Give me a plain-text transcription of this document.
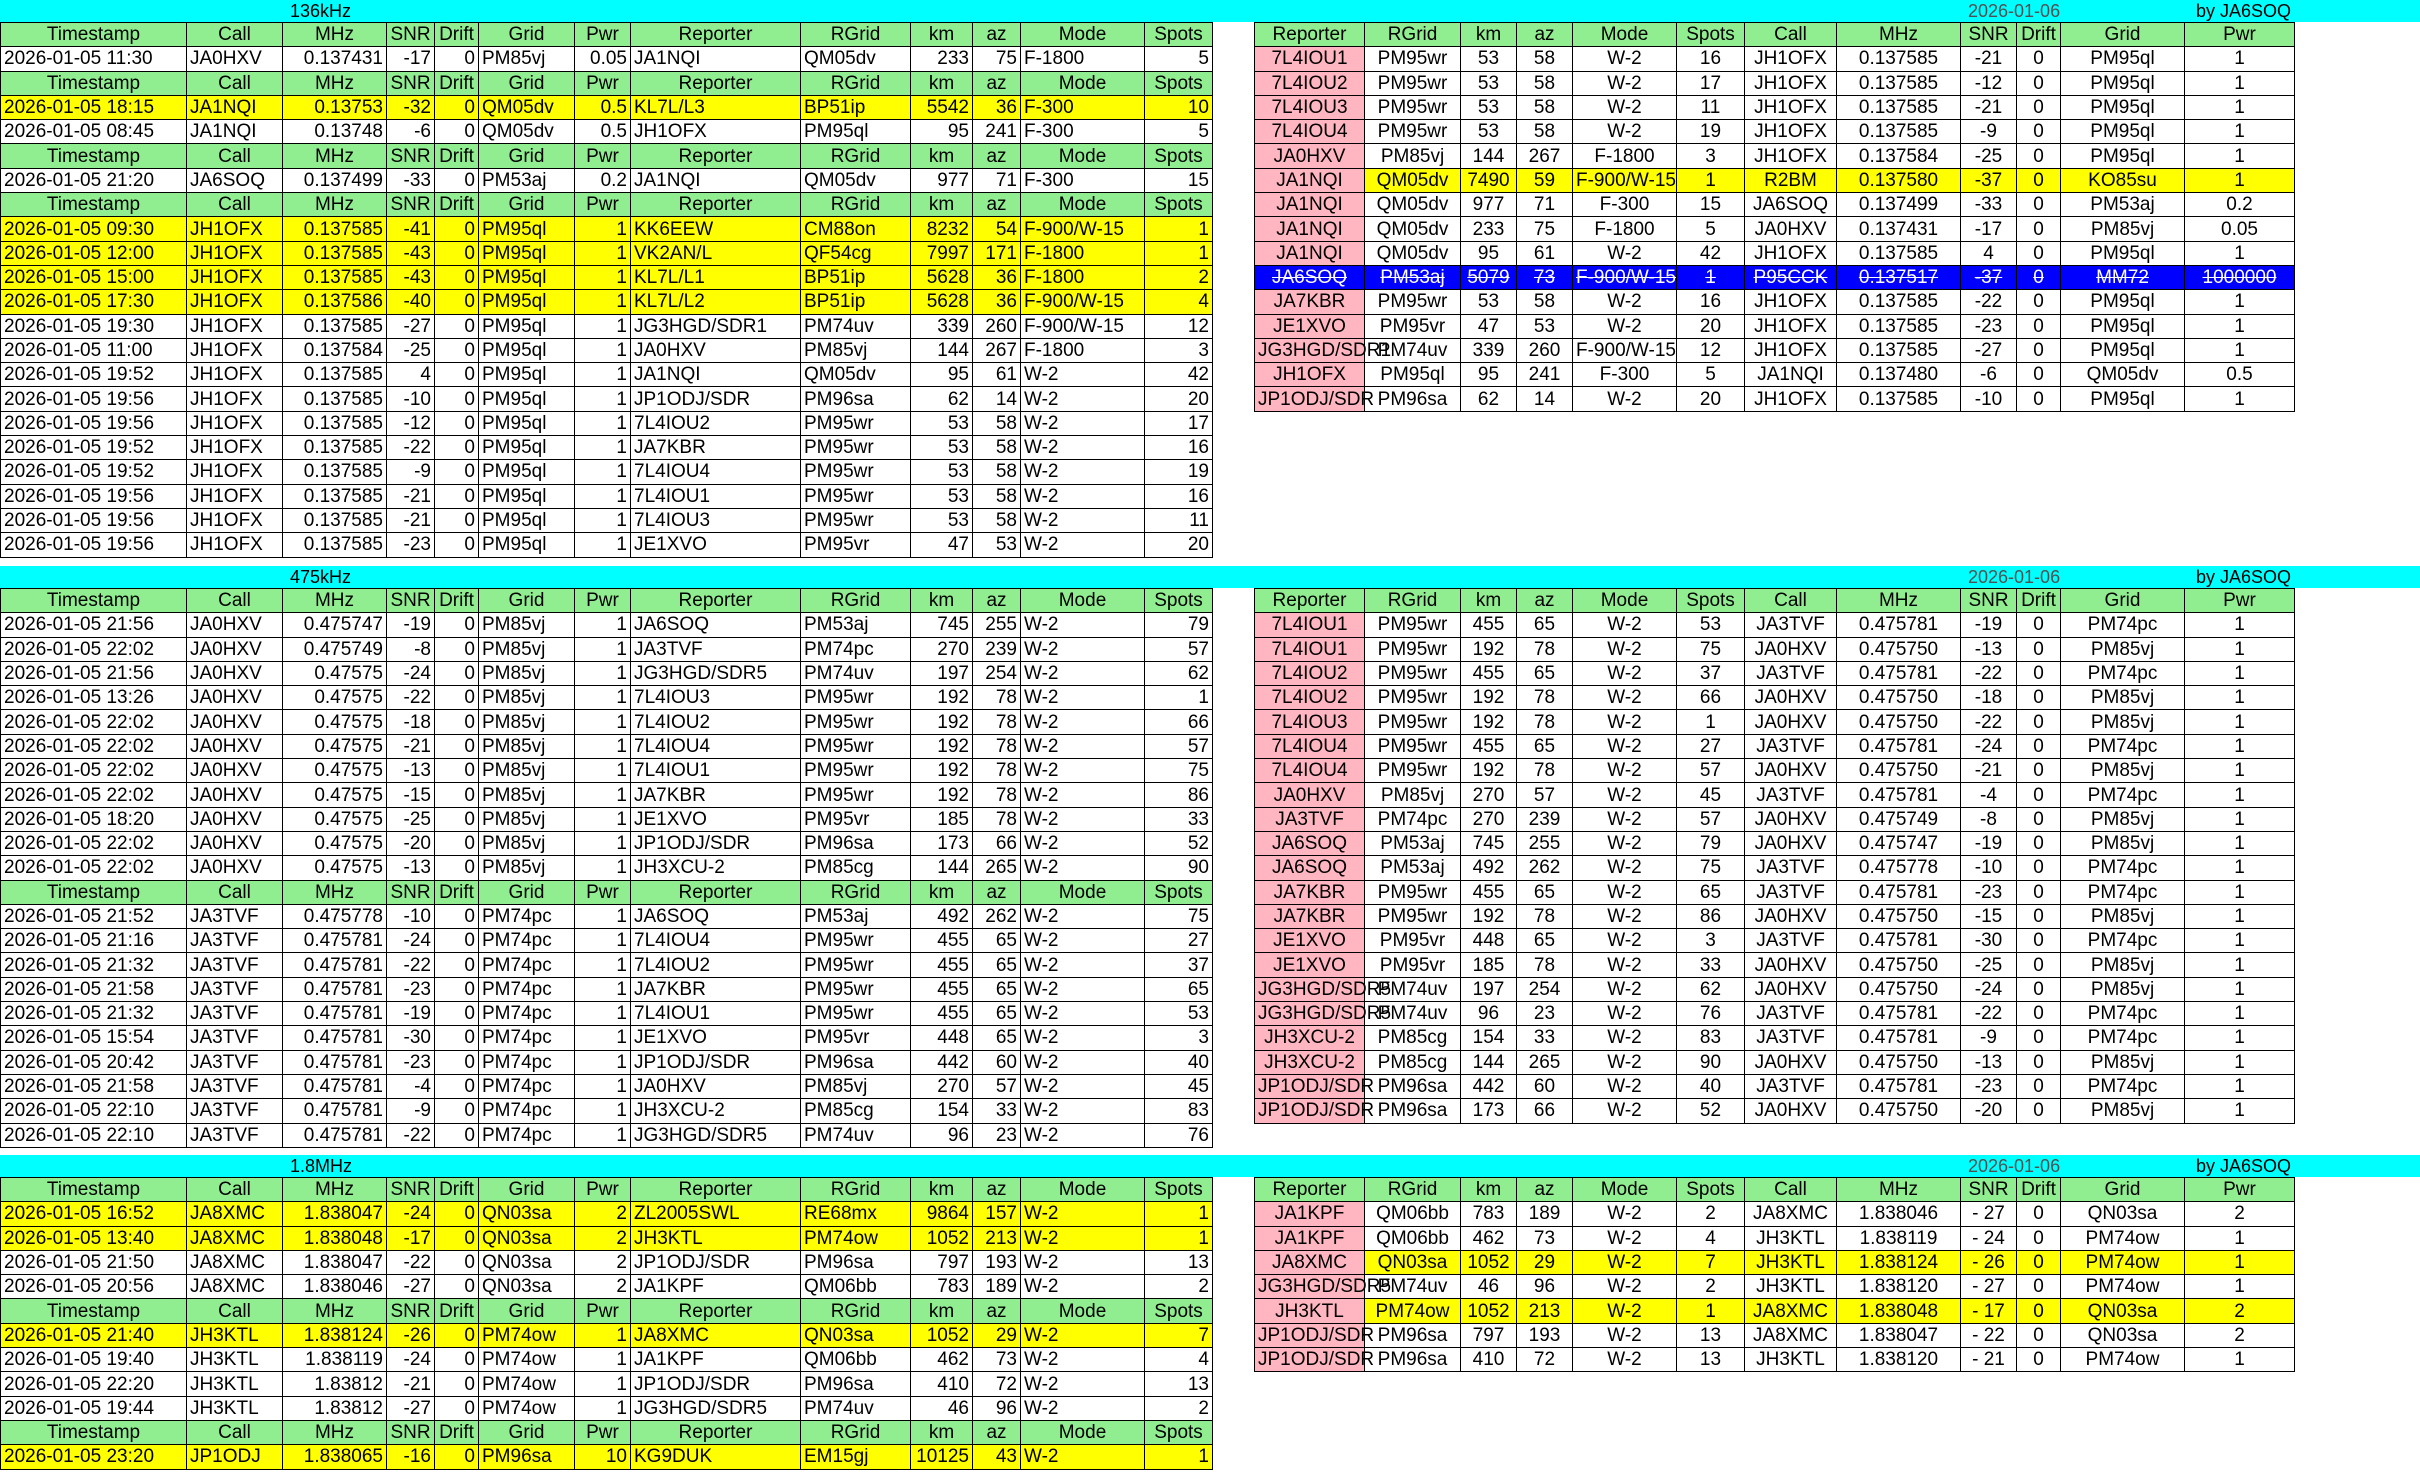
136kHz	2026-01-06	by JA6SOQ
Timestamp	Call	MHz	SNR	Drift	Grid	Pwr	Reporter	RGrid	km	az	Mode	Spots
2026-01-05 11:30	JA0HXV	0.137431	-17	0	PM85vj	0.05	JA1NQI	QM05dv	233	75	F-1800	5
Timestamp	Call	MHz	SNR	Drift	Grid	Pwr	Reporter	RGrid	km	az	Mode	Spots
2026-01-05 18:15	JA1NQI	0.13753	-32	0	QM05dv	0.5	KL7L/L3	BP51ip	5542	36	F-300	10
2026-01-05 08:45	JA1NQI	0.13748	-6	0	QM05dv	0.5	JH1OFX	PM95ql	95	241	F-300	5
Timestamp	Call	MHz	SNR	Drift	Grid	Pwr	Reporter	RGrid	km	az	Mode	Spots
2026-01-05 21:20	JA6SOQ	0.137499	-33	0	PM53aj	0.2	JA1NQI	QM05dv	977	71	F-300	15
Timestamp	Call	MHz	SNR	Drift	Grid	Pwr	Reporter	RGrid	km	az	Mode	Spots
2026-01-05 09:30	JH1OFX	0.137585	-41	0	PM95ql	1	KK6EEW	CM88on	8232	54	F-900/W-15	1
2026-01-05 12:00	JH1OFX	0.137585	-43	0	PM95ql	1	VK2AN/L	QF54cg	7997	171	F-1800	1
2026-01-05 15:00	JH1OFX	0.137585	-43	0	PM95ql	1	KL7L/L1	BP51ip	5628	36	F-1800	2
2026-01-05 17:30	JH1OFX	0.137586	-40	0	PM95ql	1	KL7L/L2	BP51ip	5628	36	F-900/W-15	4
2026-01-05 19:30	JH1OFX	0.137585	-27	0	PM95ql	1	JG3HGD/SDR1	PM74uv	339	260	F-900/W-15	12
2026-01-05 11:00	JH1OFX	0.137584	-25	0	PM95ql	1	JA0HXV	PM85vj	144	267	F-1800	3
2026-01-05 19:52	JH1OFX	0.137585	4	0	PM95ql	1	JA1NQI	QM05dv	95	61	W-2	42
2026-01-05 19:56	JH1OFX	0.137585	-10	0	PM95ql	1	JP1ODJ/SDR	PM96sa	62	14	W-2	20
2026-01-05 19:56	JH1OFX	0.137585	-12	0	PM95ql	1	7L4IOU2	PM95wr	53	58	W-2	17
2026-01-05 19:52	JH1OFX	0.137585	-22	0	PM95ql	1	JA7KBR	PM95wr	53	58	W-2	16
2026-01-05 19:52	JH1OFX	0.137585	-9	0	PM95ql	1	7L4IOU4	PM95wr	53	58	W-2	19
2026-01-05 19:56	JH1OFX	0.137585	-21	0	PM95ql	1	7L4IOU1	PM95wr	53	58	W-2	16
2026-01-05 19:56	JH1OFX	0.137585	-21	0	PM95ql	1	7L4IOU3	PM95wr	53	58	W-2	11
2026-01-05 19:56	JH1OFX	0.137585	-23	0	PM95ql	1	JE1XVO	PM95vr	47	53	W-2	20
Reporter	RGrid	km	az	Mode	Spots	Call	MHz	SNR	Drift	Grid	Pwr
7L4IOU1	PM95wr	53	58	W-2	16	JH1OFX	0.137585	-21	0	PM95ql	1
7L4IOU2	PM95wr	53	58	W-2	17	JH1OFX	0.137585	-12	0	PM95ql	1
7L4IOU3	PM95wr	53	58	W-2	11	JH1OFX	0.137585	-21	0	PM95ql	1
7L4IOU4	PM95wr	53	58	W-2	19	JH1OFX	0.137585	-9	0	PM95ql	1
JA0HXV	PM85vj	144	267	F-1800	3	JH1OFX	0.137584	-25	0	PM95ql	1
JA1NQI	QM05dv	7490	59	F-900/W-15	1	R2BM	0.137580	-37	0	KO85su	1
JA1NQI	QM05dv	977	71	F-300	15	JA6SOQ	0.137499	-33	0	PM53aj	0.2
JA1NQI	QM05dv	233	75	F-1800	5	JA0HXV	0.137431	-17	0	PM85vj	0.05
JA1NQI	QM05dv	95	61	W-2	42	JH1OFX	0.137585	4	0	PM95ql	1
JA6SOQ	PM53aj	5079	73	F-900/W-15	1	P95CCK	0.137517	-37	0	MM72	1000000
JA7KBR	PM95wr	53	58	W-2	16	JH1OFX	0.137585	-22	0	PM95ql	1
JE1XVO	PM95vr	47	53	W-2	20	JH1OFX	0.137585	-23	0	PM95ql	1
JG3HGD/SDR1	PM74uv	339	260	F-900/W-15	12	JH1OFX	0.137585	-27	0	PM95ql	1
JH1OFX	PM95ql	95	241	F-300	5	JA1NQI	0.137480	-6	0	QM05dv	0.5
JP1ODJ/SDR	PM96sa	62	14	W-2	20	JH1OFX	0.137585	-10	0	PM95ql	1
475kHz	2026-01-06	by JA6SOQ
Timestamp	Call	MHz	SNR	Drift	Grid	Pwr	Reporter	RGrid	km	az	Mode	Spots
2026-01-05 21:56	JA0HXV	0.475747	-19	0	PM85vj	1	JA6SOQ	PM53aj	745	255	W-2	79
2026-01-05 22:02	JA0HXV	0.475749	-8	0	PM85vj	1	JA3TVF	PM74pc	270	239	W-2	57
2026-01-05 21:56	JA0HXV	0.47575	-24	0	PM85vj	1	JG3HGD/SDR5	PM74uv	197	254	W-2	62
2026-01-05 13:26	JA0HXV	0.47575	-22	0	PM85vj	1	7L4IOU3	PM95wr	192	78	W-2	1
2026-01-05 22:02	JA0HXV	0.47575	-18	0	PM85vj	1	7L4IOU2	PM95wr	192	78	W-2	66
2026-01-05 22:02	JA0HXV	0.47575	-21	0	PM85vj	1	7L4IOU4	PM95wr	192	78	W-2	57
2026-01-05 22:02	JA0HXV	0.47575	-13	0	PM85vj	1	7L4IOU1	PM95wr	192	78	W-2	75
2026-01-05 22:02	JA0HXV	0.47575	-15	0	PM85vj	1	JA7KBR	PM95wr	192	78	W-2	86
2026-01-05 18:20	JA0HXV	0.47575	-25	0	PM85vj	1	JE1XVO	PM95vr	185	78	W-2	33
2026-01-05 22:02	JA0HXV	0.47575	-20	0	PM85vj	1	JP1ODJ/SDR	PM96sa	173	66	W-2	52
2026-01-05 22:02	JA0HXV	0.47575	-13	0	PM85vj	1	JH3XCU-2	PM85cg	144	265	W-2	90
Timestamp	Call	MHz	SNR	Drift	Grid	Pwr	Reporter	RGrid	km	az	Mode	Spots
2026-01-05 21:52	JA3TVF	0.475778	-10	0	PM74pc	1	JA6SOQ	PM53aj	492	262	W-2	75
2026-01-05 21:16	JA3TVF	0.475781	-24	0	PM74pc	1	7L4IOU4	PM95wr	455	65	W-2	27
2026-01-05 21:32	JA3TVF	0.475781	-22	0	PM74pc	1	7L4IOU2	PM95wr	455	65	W-2	37
2026-01-05 21:58	JA3TVF	0.475781	-23	0	PM74pc	1	JA7KBR	PM95wr	455	65	W-2	65
2026-01-05 21:32	JA3TVF	0.475781	-19	0	PM74pc	1	7L4IOU1	PM95wr	455	65	W-2	53
2026-01-05 15:54	JA3TVF	0.475781	-30	0	PM74pc	1	JE1XVO	PM95vr	448	65	W-2	3
2026-01-05 20:42	JA3TVF	0.475781	-23	0	PM74pc	1	JP1ODJ/SDR	PM96sa	442	60	W-2	40
2026-01-05 21:58	JA3TVF	0.475781	-4	0	PM74pc	1	JA0HXV	PM85vj	270	57	W-2	45
2026-01-05 22:10	JA3TVF	0.475781	-9	0	PM74pc	1	JH3XCU-2	PM85cg	154	33	W-2	83
2026-01-05 22:10	JA3TVF	0.475781	-22	0	PM74pc	1	JG3HGD/SDR5	PM74uv	96	23	W-2	76
Reporter	RGrid	km	az	Mode	Spots	Call	MHz	SNR	Drift	Grid	Pwr
7L4IOU1	PM95wr	455	65	W-2	53	JA3TVF	0.475781	-19	0	PM74pc	1
7L4IOU1	PM95wr	192	78	W-2	75	JA0HXV	0.475750	-13	0	PM85vj	1
7L4IOU2	PM95wr	455	65	W-2	37	JA3TVF	0.475781	-22	0	PM74pc	1
7L4IOU2	PM95wr	192	78	W-2	66	JA0HXV	0.475750	-18	0	PM85vj	1
7L4IOU3	PM95wr	192	78	W-2	1	JA0HXV	0.475750	-22	0	PM85vj	1
7L4IOU4	PM95wr	455	65	W-2	27	JA3TVF	0.475781	-24	0	PM74pc	1
7L4IOU4	PM95wr	192	78	W-2	57	JA0HXV	0.475750	-21	0	PM85vj	1
JA0HXV	PM85vj	270	57	W-2	45	JA3TVF	0.475781	-4	0	PM74pc	1
JA3TVF	PM74pc	270	239	W-2	57	JA0HXV	0.475749	-8	0	PM85vj	1
JA6SOQ	PM53aj	745	255	W-2	79	JA0HXV	0.475747	-19	0	PM85vj	1
JA6SOQ	PM53aj	492	262	W-2	75	JA3TVF	0.475778	-10	0	PM74pc	1
JA7KBR	PM95wr	455	65	W-2	65	JA3TVF	0.475781	-23	0	PM74pc	1
JA7KBR	PM95wr	192	78	W-2	86	JA0HXV	0.475750	-15	0	PM85vj	1
JE1XVO	PM95vr	448	65	W-2	3	JA3TVF	0.475781	-30	0	PM74pc	1
JE1XVO	PM95vr	185	78	W-2	33	JA0HXV	0.475750	-25	0	PM85vj	1
JG3HGD/SDR5	PM74uv	197	254	W-2	62	JA0HXV	0.475750	-24	0	PM85vj	1
JG3HGD/SDR5	PM74uv	96	23	W-2	76	JA3TVF	0.475781	-22	0	PM74pc	1
JH3XCU-2	PM85cg	154	33	W-2	83	JA3TVF	0.475781	-9	0	PM74pc	1
JH3XCU-2	PM85cg	144	265	W-2	90	JA0HXV	0.475750	-13	0	PM85vj	1
JP1ODJ/SDR	PM96sa	442	60	W-2	40	JA3TVF	0.475781	-23	0	PM74pc	1
JP1ODJ/SDR	PM96sa	173	66	W-2	52	JA0HXV	0.475750	-20	0	PM85vj	1
1.8MHz	2026-01-06	by JA6SOQ
Timestamp	Call	MHz	SNR	Drift	Grid	Pwr	Reporter	RGrid	km	az	Mode	Spots
2026-01-05 16:52	JA8XMC	1.838047	-24	0	QN03sa	2	ZL2005SWL	RE68mx	9864	157	W-2	1
2026-01-05 13:40	JA8XMC	1.838048	-17	0	QN03sa	2	JH3KTL	PM74ow	1052	213	W-2	1
2026-01-05 21:50	JA8XMC	1.838047	-22	0	QN03sa	2	JP1ODJ/SDR	PM96sa	797	193	W-2	13
2026-01-05 20:56	JA8XMC	1.838046	-27	0	QN03sa	2	JA1KPF	QM06bb	783	189	W-2	2
Timestamp	Call	MHz	SNR	Drift	Grid	Pwr	Reporter	RGrid	km	az	Mode	Spots
2026-01-05 21:40	JH3KTL	1.838124	-26	0	PM74ow	1	JA8XMC	QN03sa	1052	29	W-2	7
2026-01-05 19:40	JH3KTL	1.838119	-24	0	PM74ow	1	JA1KPF	QM06bb	462	73	W-2	4
2026-01-05 22:20	JH3KTL	1.83812	-21	0	PM74ow	1	JP1ODJ/SDR	PM96sa	410	72	W-2	13
2026-01-05 19:44	JH3KTL	1.83812	-27	0	PM74ow	1	JG3HGD/SDR5	PM74uv	46	96	W-2	2
Timestamp	Call	MHz	SNR	Drift	Grid	Pwr	Reporter	RGrid	km	az	Mode	Spots
2026-01-05 23:20	JP1ODJ	1.838065	-16	0	PM96sa	10	KG9DUK	EM15gj	10125	43	W-2	1
Reporter	RGrid	km	az	Mode	Spots	Call	MHz	SNR	Drift	Grid	Pwr
JA1KPF	QM06bb	783	189	W-2	2	JA8XMC	1.838046	- 27	0	QN03sa	2
JA1KPF	QM06bb	462	73	W-2	4	JH3KTL	1.838119	- 24	0	PM74ow	1
JA8XMC	QN03sa	1052	29	W-2	7	JH3KTL	1.838124	- 26	0	PM74ow	1
JG3HGD/SDR5	PM74uv	46	96	W-2	2	JH3KTL	1.838120	- 27	0	PM74ow	1
JH3KTL	PM74ow	1052	213	W-2	1	JA8XMC	1.838048	- 17	0	QN03sa	2
JP1ODJ/SDR	PM96sa	797	193	W-2	13	JA8XMC	1.838047	- 22	0	QN03sa	2
JP1ODJ/SDR	PM96sa	410	72	W-2	13	JH3KTL	1.838120	- 21	0	PM74ow	1
